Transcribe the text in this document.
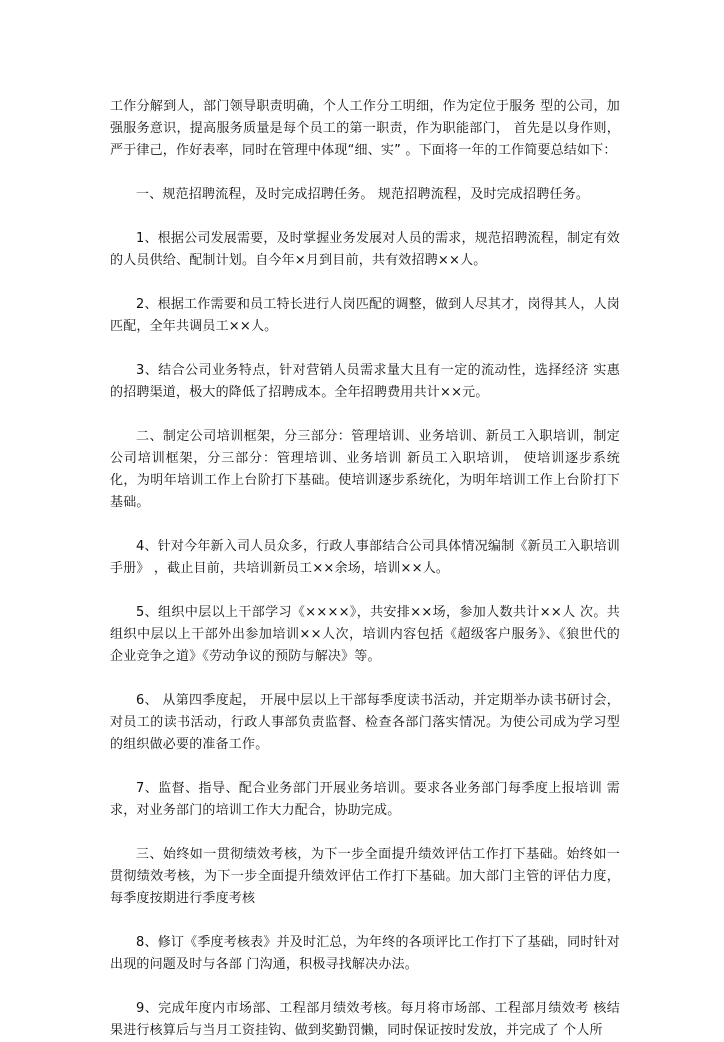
工作分解到人，部门领导职责明确，个人工作分工明细，作为定位于服务 型的公司，加强服务意识，提高服务质量是每个员工的第一职责，作为职能部门， 首先是以身作则，严于律己，作好表率，同时在管理中体现“细、实” 。下面将一年的工作简要总结如下：

一、规范招聘流程，及时完成招聘任务。 规范招聘流程，及时完成招聘任务。

1、根据公司发展需要，及时掌握业务发展对人员的需求，规范招聘流程，制定有效的人员供给、配制计划。自今年×月到目前，共有效招聘××人。

2、根据工作需要和员工特长进行人岗匹配的调整，做到人尽其才，岗得其人，人岗匹配，全年共调员工××人。

3、结合公司业务特点，针对营销人员需求量大且有一定的流动性，选择经济 实惠的招聘渠道，极大的降低了招聘成本。全年招聘费用共计××元。

二、制定公司培训框架，分三部分：管理培训、业务培训、新员工入职培训，制定公司培训框架，分三部分：管理培训、业务培训 新员工入职培训， 使培训逐步系统化，为明年培训工作上台阶打下基础。使培训逐步系统化，为明年培训工作上台阶打下基础。

4、针对今年新入司人员众多，行政人事部结合公司具体情况编制《新员工入职培训手册》 ，截止目前，共培训新员工××余场，培训××人。

5、组织中层以上干部学习《××××》，共安排××场，参加人数共计××人 次。共组织中层以上干部外出参加培训××人次，培训内容包括《超级客户服务》、《狼世代的企业竞争之道》《劳动争议的预防与解决》等。

6、 从第四季度起， 开展中层以上干部每季度读书活动，并定期举办读书研讨会，对员工的读书活动，行政人事部负责监督、检查各部门落实情况。为使公司成为学习型的组织做必要的准备工作。

7、监督、指导、配合业务部门开展业务培训。要求各业务部门每季度上报培训 需求，对业务部门的培训工作大力配合，协助完成。

三、始终如一贯彻绩效考核，为下一步全面提升绩效评估工作打下基础。始终如一贯彻绩效考核，为下一步全面提升绩效评估工作打下基础。加大部门主管的评估力度，每季度按期进行季度考核

8、修订《季度考核表》并及时汇总，为年终的各项评比工作打下了基础，同时针对出现的问题及时与各部 门沟通，积极寻找解决办法。

9、完成年度内市场部、工程部月绩效考核。每月将市场部、工程部月绩效考 核结果进行核算后与当月工资挂钩、做到奖勤罚懒，同时保证按时发放，并完成了 个人所
